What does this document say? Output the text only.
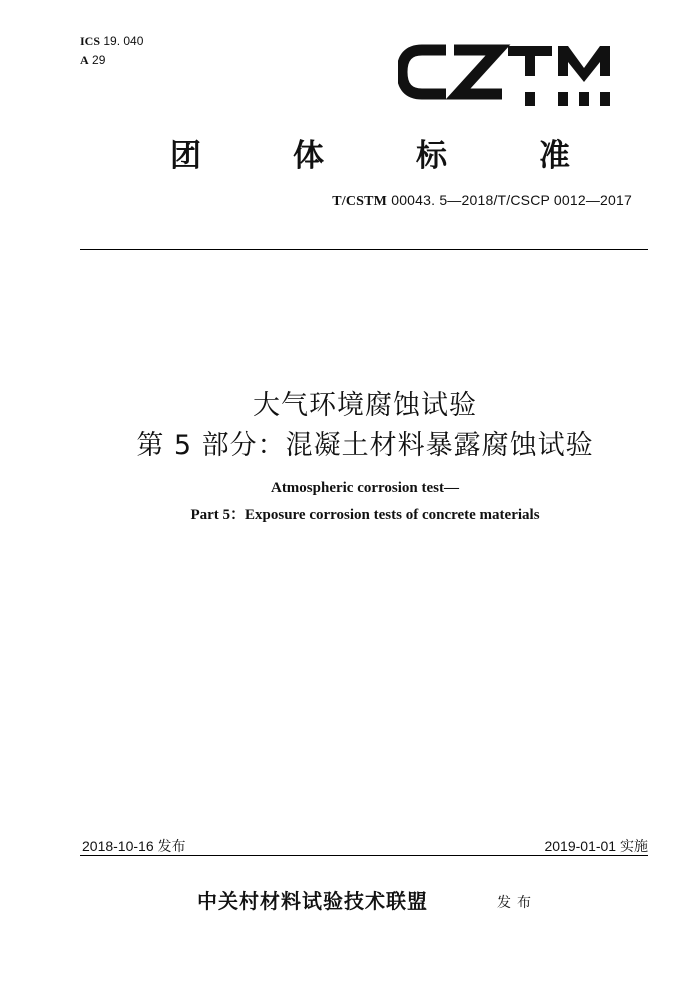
ICS 19. 040
A 29
团	体	标	准
T/CSTM 00043. 5—2018/T/CSCP 0012—2017
大气环境腐蚀试验
第 5 部分：混凝土材料暴露腐蚀试验
Atmospheric corrosion test—
Part 5：Exposure corrosion tests of concrete materials
2018-10-16 发布	2019-01-01 实施
中关村材料试验技术联盟	发布
